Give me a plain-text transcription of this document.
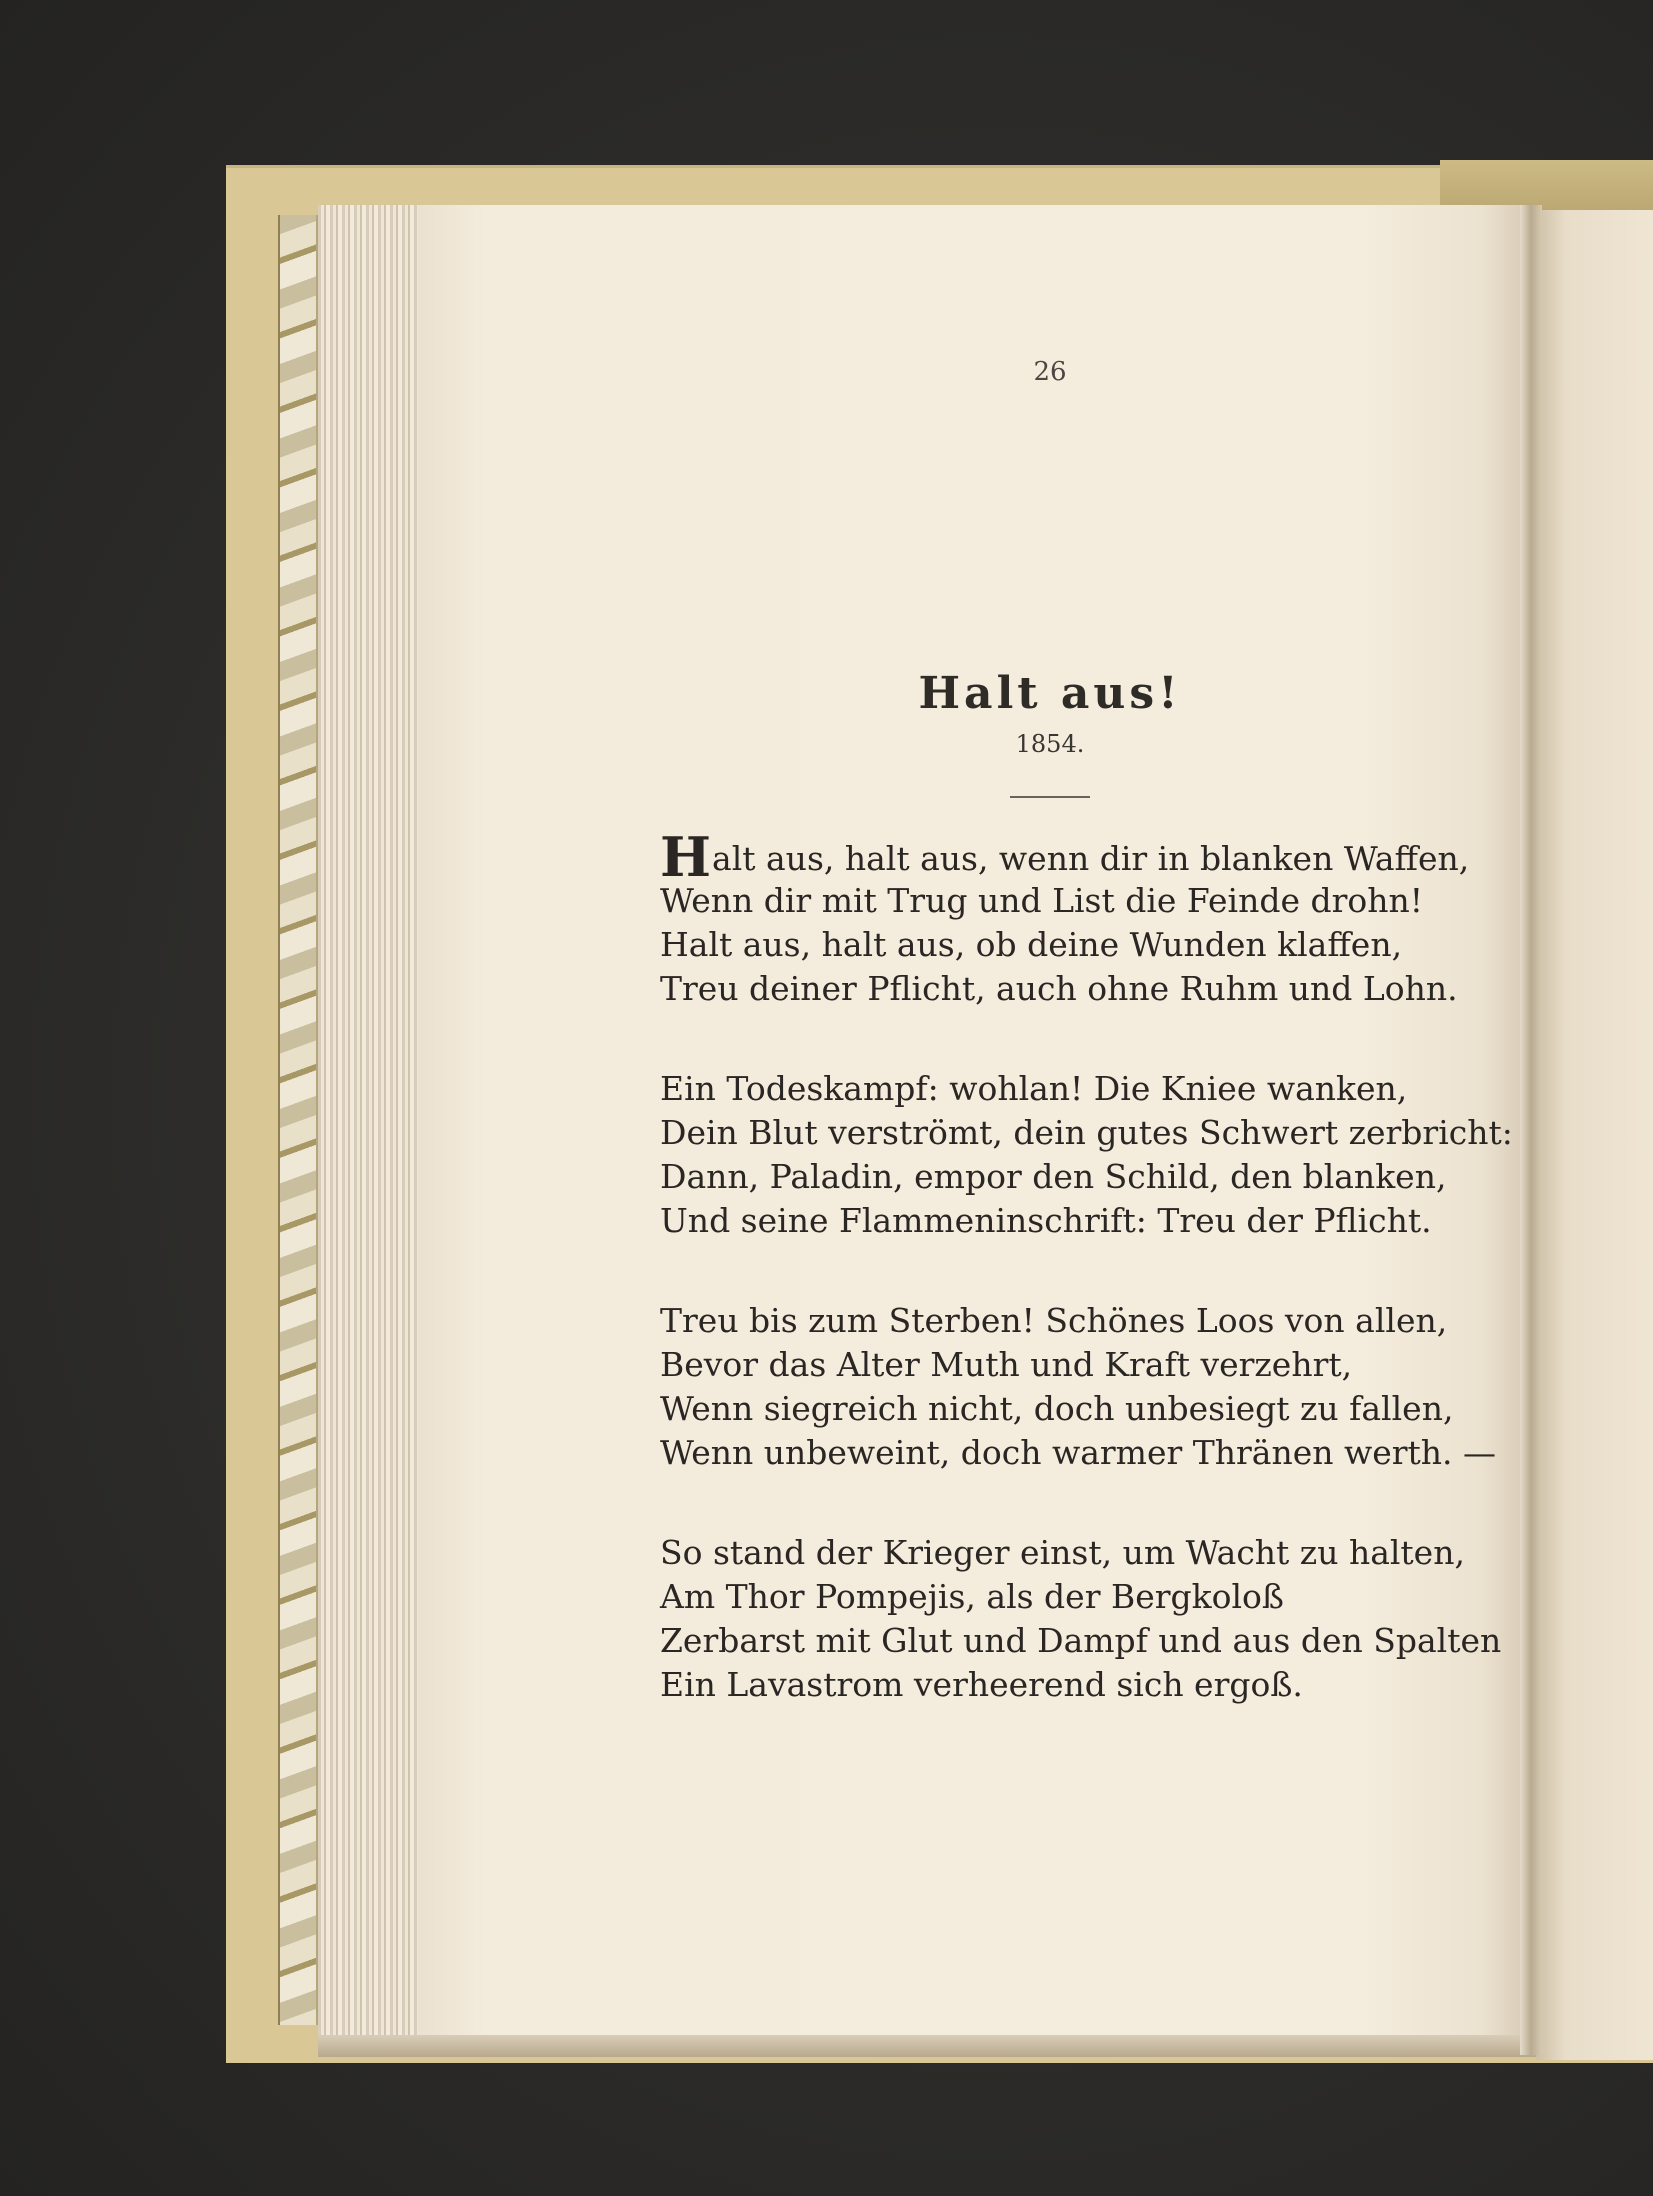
26
Halt aus!
1854.
Halt aus, halt aus, wenn dir in blanken Waffen,
Wenn dir mit Trug und List die Feinde drohn!
Halt aus, halt aus, ob deine Wunden klaffen,
Treu deiner Pflicht, auch ohne Ruhm und Lohn.
Ein Todeskampf: wohlan! Die Kniee wanken,
Dein Blut verströmt, dein gutes Schwert zerbricht:
Dann, Paladin, empor den Schild, den blanken,
Und seine Flammeninschrift: Treu der Pflicht.
Treu bis zum Sterben! Schönes Loos von allen,
Bevor das Alter Muth und Kraft verzehrt,
Wenn siegreich nicht, doch unbesiegt zu fallen,
Wenn unbeweint, doch warmer Thränen werth. —
So stand der Krieger einst, um Wacht zu halten,
Am Thor Pompejis, als der Bergkoloß
Zerbarst mit Glut und Dampf und aus den Spalten
Ein Lavastrom verheerend sich ergoß.
